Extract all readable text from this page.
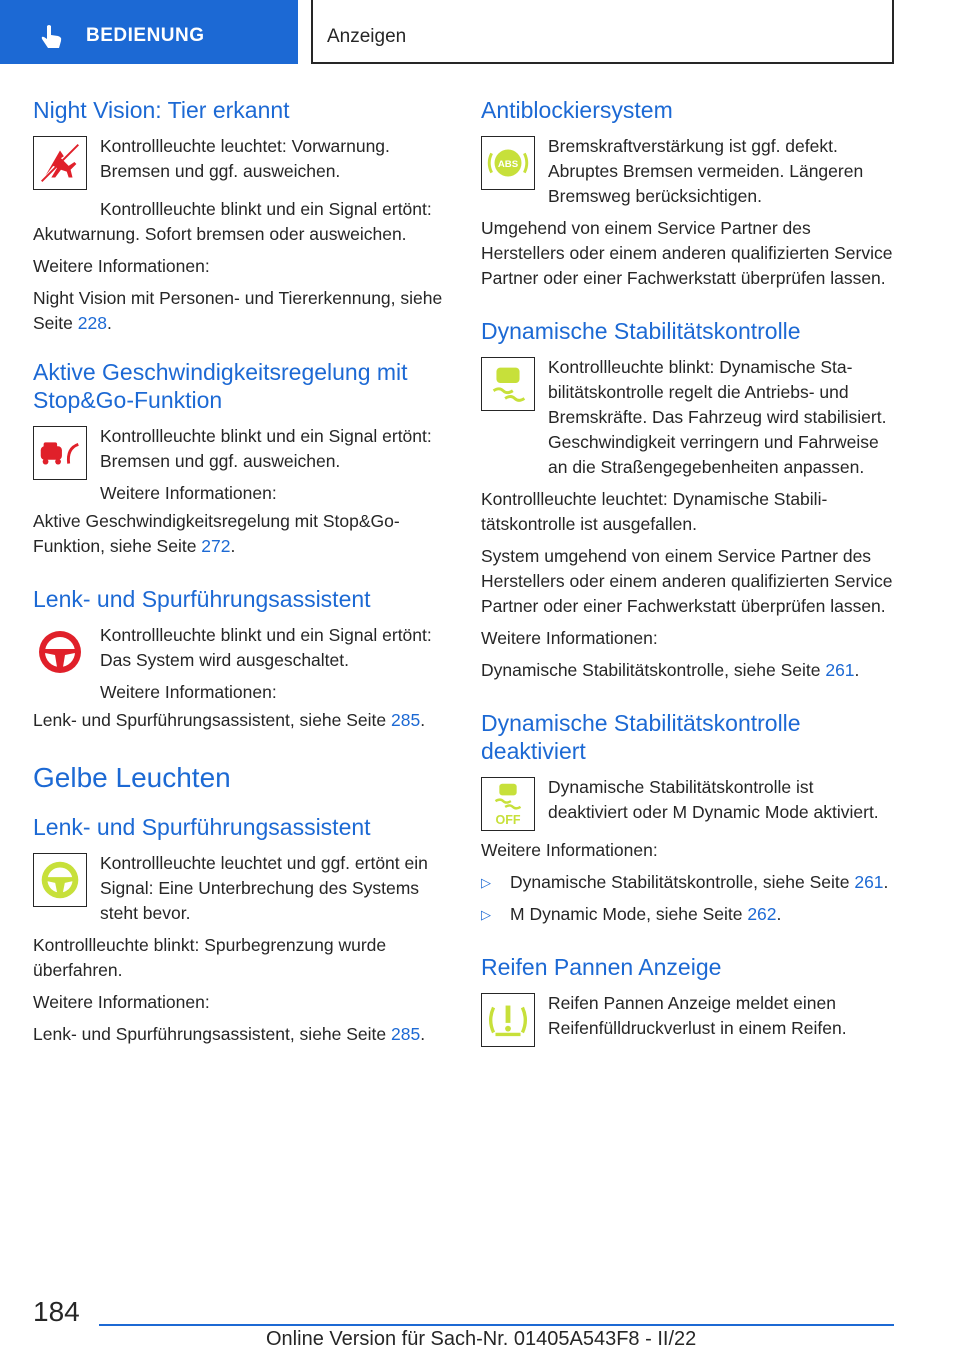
BEDIENUNG	Anzeigen
Night Vision: Tier erkannt

Kontrollleuchte leuchtet: Vorwarnung. Bremsen und ggf. ausweichen.

Kontrollleuchte blinkt und ein Signal ertönt: Akutwarnung. Sofort bremsen oder ausweichen.

Weitere Informationen:

Night Vision mit Personen- und Tiererkennung, siehe Seite 228.

Aktive Geschwindigkeitsregelung mit Stop&Go-Funktion

Kontrollleuchte blinkt und ein Signal ertönt: Bremsen und ggf. ausweichen.

Weitere Informationen:

Aktive Geschwindigkeitsregelung mit Stop&Go-Funktion, siehe Seite 272.

Lenk- und Spurführungsassistent

Kontrollleuchte blinkt und ein Signal ertönt: Das System wird ausgeschaltet.

Weitere Informationen:

Lenk- und Spurführungsassistent, siehe Seite 285.

Gelbe Leuchten
Lenk- und Spurführungsassistent

Kontrollleuchte leuchtet und ggf. ertönt ein Signal: Eine Unterbrechung des Systems steht bevor.

Kontrollleuchte blinkt: Spurbegrenzung wurde überfahren.

Weitere Informationen:

Lenk- und Spurführungsassistent, siehe Seite 285.

Antiblockiersystem
ABS

Bremskraftverstärkung ist ggf. defekt. Abruptes Bremsen vermeiden. Längeren Bremsweg berücksichtigen.

Umgehend von einem Service Partner des Herstellers oder einem anderen qualifizierten Service Partner oder einer Fachwerkstatt überprüfen lassen.

Dynamische Stabilitätskontrolle

Kontrollleuchte blinkt: Dynamische Stabilitätskontrolle regelt die Antriebs- und Bremskräfte. Das Fahrzeug wird stabilisiert. Geschwindigkeit verringern und Fahrweise an die Straßengegebenheiten anpassen.

Kontrollleuchte leuchtet: Dynamische Stabilitätskontrolle ist ausgefallen.

System umgehend von einem Service Partner des Herstellers oder einem anderen qualifizierten Service Partner oder einer Fachwerkstatt überprüfen lassen.

Weitere Informationen:

Dynamische Stabilitätskontrolle, siehe Seite 261.

Dynamische Stabilitätskontrolle deaktiviert
OFF

Dynamische Stabilitätskontrolle ist deaktiviert oder M Dynamic Mode aktiviert.

Weitere Informationen:

▷ Dynamische Stabilitätskontrolle, siehe Seite 261.
▷ M Dynamic Mode, siehe Seite 262.
Reifen Pannen Anzeige

Reifen Pannen Anzeige meldet einen Reifenfülldruckverlust in einem Reifen.

184
Online Version für Sach-Nr. 01405A543F8 - II/22
